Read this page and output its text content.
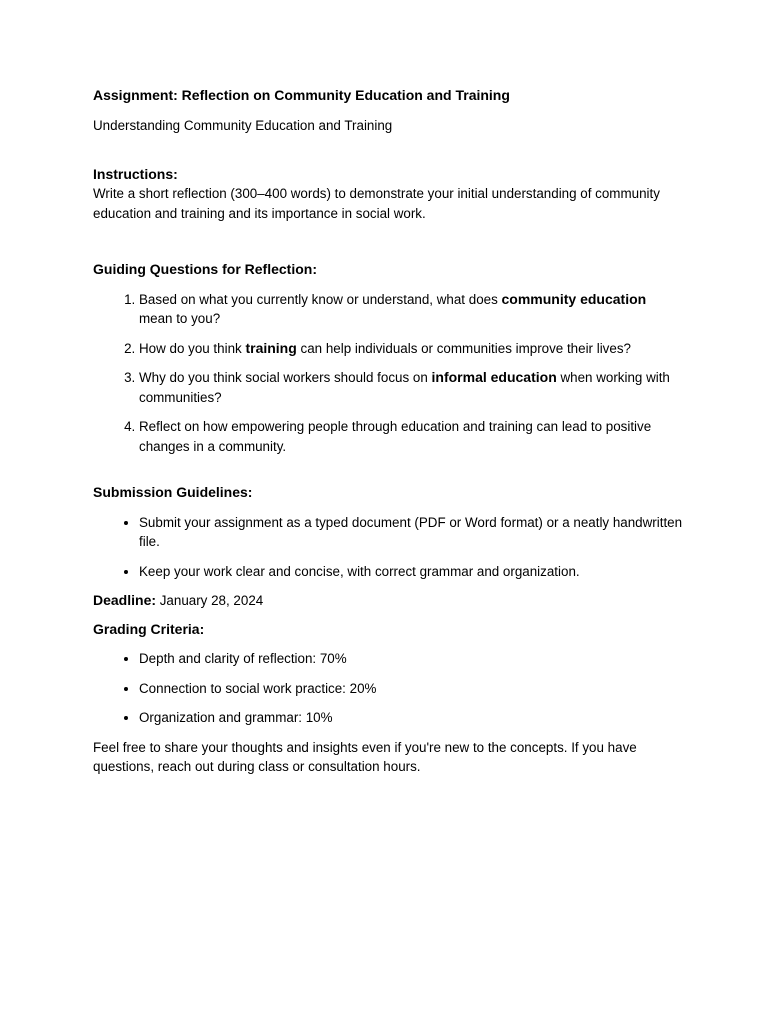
Assignment: Reflection on Community Education and Training

Understanding Community Education and Training

Instructions:

Write a short reflection (300–400 words) to demonstrate your initial understanding of community education and training and its importance in social work.

Guiding Questions for Reflection:

1. Based on what you currently know or understand, what does community education mean to you?
2. How do you think training can help individuals or communities improve their lives?
3. Why do you think social workers should focus on informal education when working with communities?
4. Reflect on how empowering people through education and training can lead to positive changes in a community.

Submission Guidelines:

• Submit your assignment as a typed document (PDF or Word format) or a neatly handwritten file.
• Keep your work clear and concise, with correct grammar and organization.

Deadline: January 28, 2024

Grading Criteria:

• Depth and clarity of reflection: 70%
• Connection to social work practice: 20%
• Organization and grammar: 10%

Feel free to share your thoughts and insights even if you're new to the concepts. If you have questions, reach out during class or consultation hours.
